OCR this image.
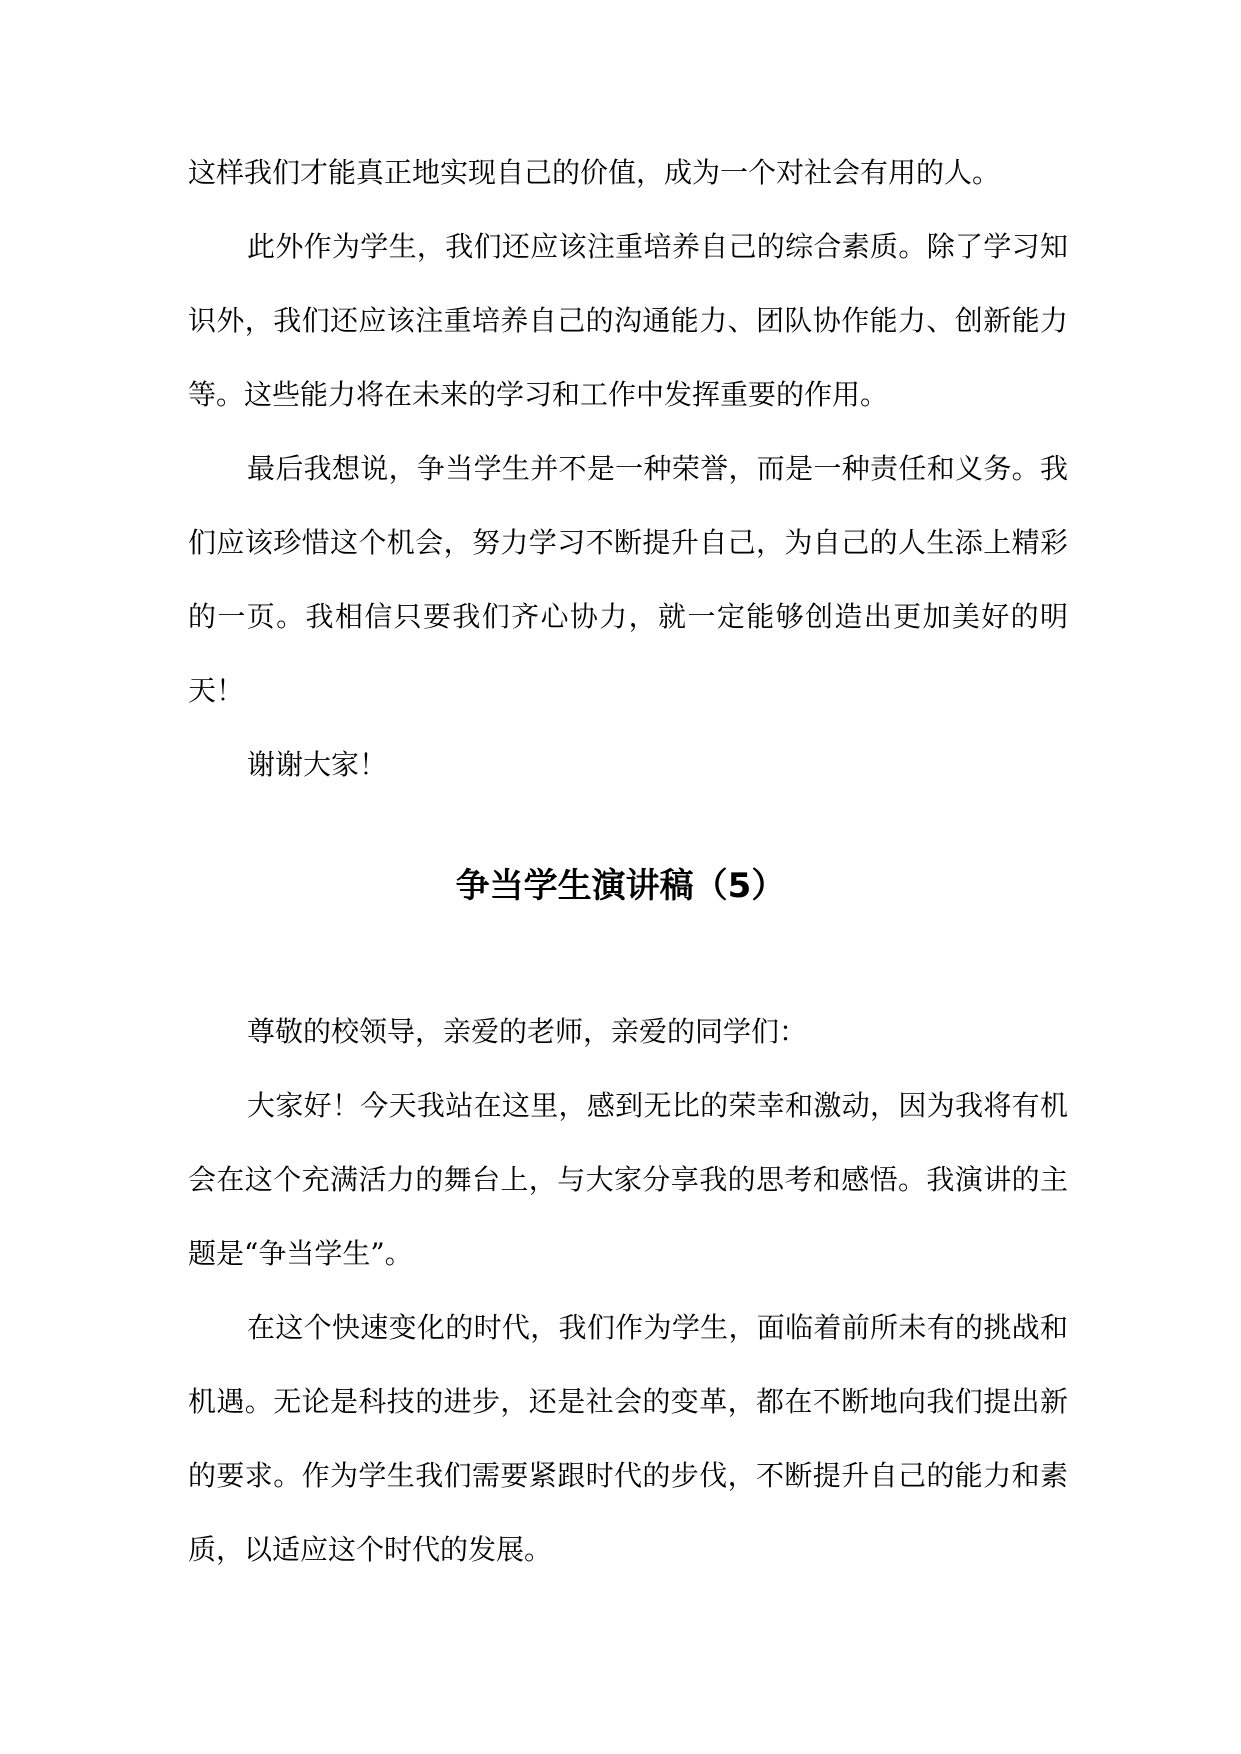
这样我们才能真正地实现自己的价值，成为一个对社会有用的人。

此外作为学生，我们还应该注重培养自己的综合素质。除了学习知识外，我们还应该注重培养自己的沟通能力、团队协作能力、创新能力等。这些能力将在未来的学习和工作中发挥重要的作用。

最后我想说，争当学生并不是一种荣誉，而是一种责任和义务。我们应该珍惜这个机会，努力学习不断提升自己，为自己的人生添上精彩的一页。我相信只要我们齐心协力，就一定能够创造出更加美好的明天！

谢谢大家！

争当学生演讲稿（5）

尊敬的校领导，亲爱的老师，亲爱的同学们：

大家好！今天我站在这里，感到无比的荣幸和激动，因为我将有机会在这个充满活力的舞台上，与大家分享我的思考和感悟。我演讲的主题是“争当学生”。

在这个快速变化的时代，我们作为学生，面临着前所未有的挑战和机遇。无论是科技的进步，还是社会的变革，都在不断地向我们提出新的要求。作为学生我们需要紧跟时代的步伐，不断提升自己的能力和素质，以适应这个时代的发展。
